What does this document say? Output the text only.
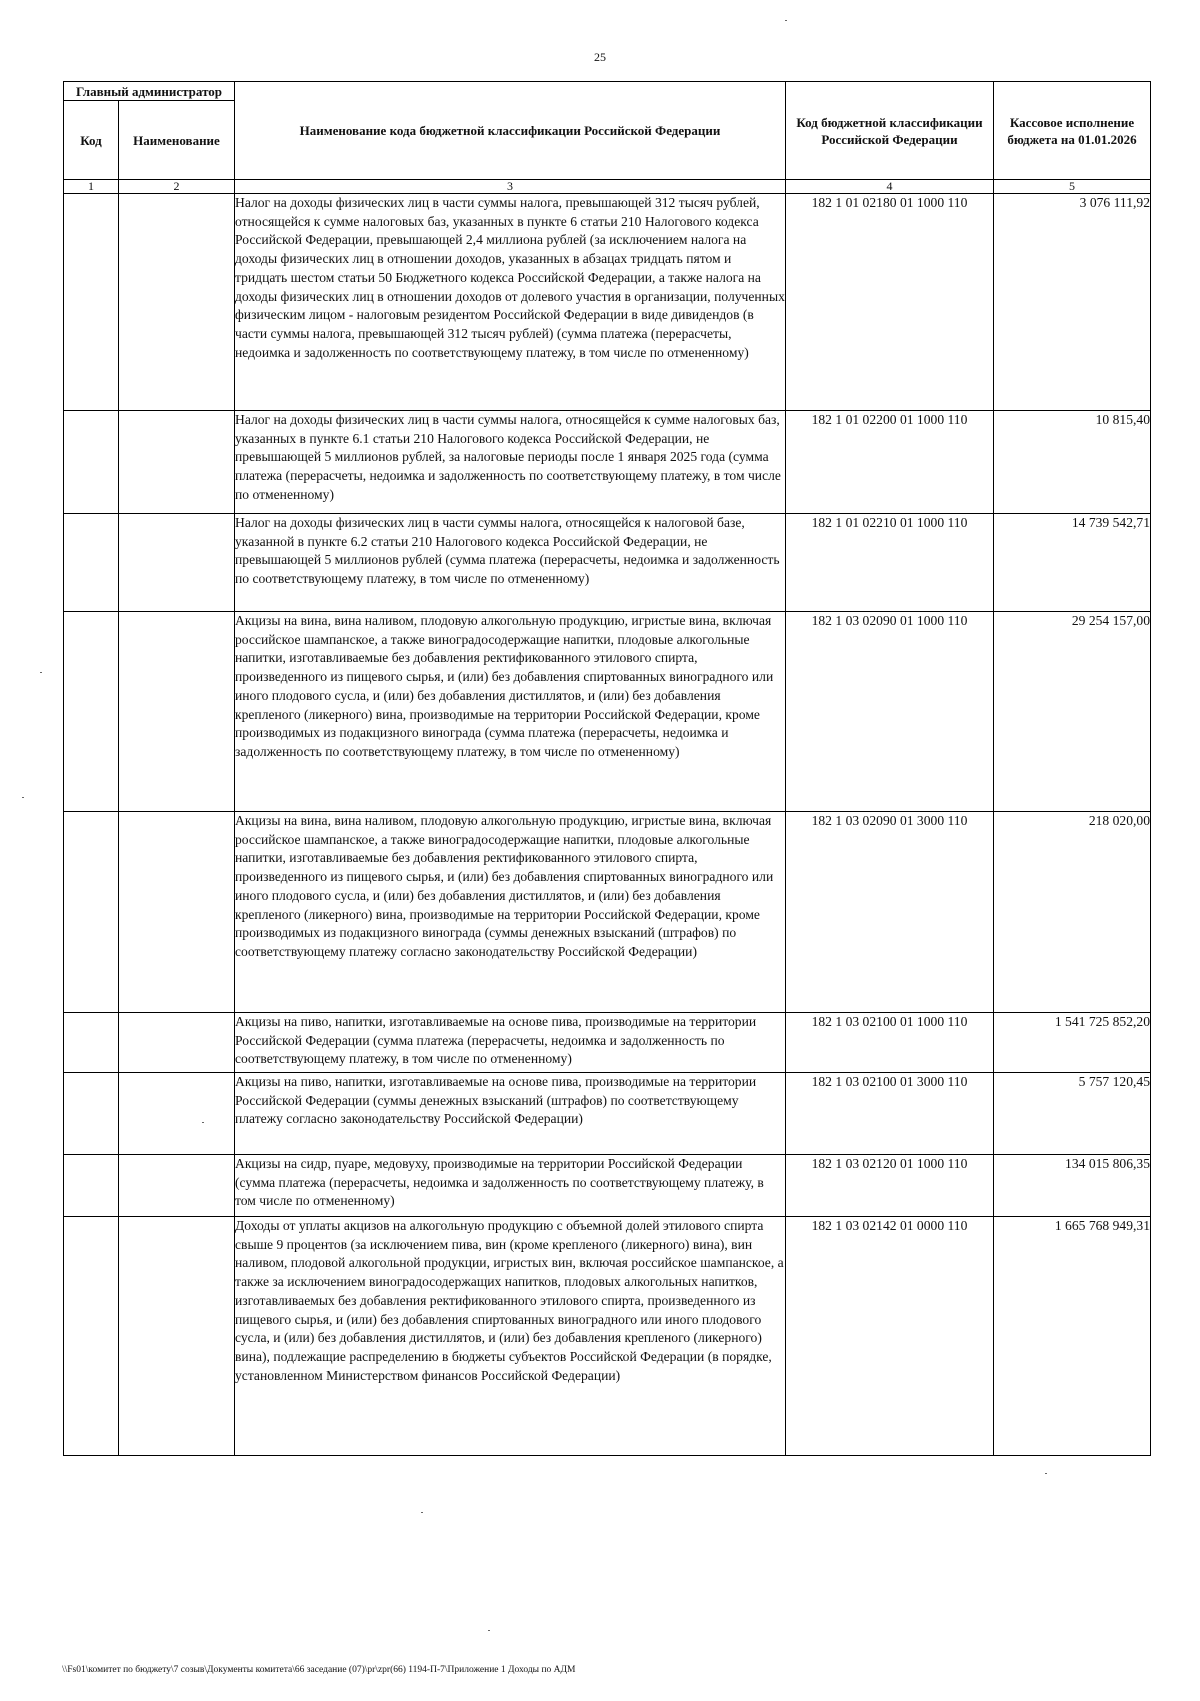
25
Главный администратор		Наименование кода бюджетной классификации Российской Федерации	Код бюджетной классификации Российской Федерации	Кассовое исполнение бюджета на 01.01.2026
Код	Наименование			
1	2	3	4	5
		Налог на доходы физических лиц в части суммы налога, превышающей 312 тысяч рублей, относящейся к сумме налоговых баз, указанных в пункте 6 статьи 210 Налогового кодекса Российской Федерации, превышающей 2,4 миллиона рублей (за исключением налога на доходы физических лиц в отношении доходов, указанных в абзацах тридцать пятом и тридцать шестом статьи 50 Бюджетного кодекса Российской Федерации, а также налога на доходы физических лиц в отношении доходов от долевого участия в организации, полученных физическим лицом - налоговым резидентом Российской Федерации в виде дивидендов (в части суммы налога, превышающей 312 тысяч рублей) (сумма платежа (перерасчеты, недоимка и задолженность по соответствующему платежу, в том числе по отмененному)	182 1 01 02180 01 1000 110	3 076 111,92
		Налог на доходы физических лиц в части суммы налога, относящейся к сумме налоговых баз, указанных в пункте 6.1 статьи 210 Налогового кодекса Российской Федерации, не превышающей 5 миллионов рублей, за налоговые периоды после 1 января 2025 года (сумма платежа (перерасчеты, недоимка и задолженность по соответствующему платежу, в том числе по отмененному)	182 1 01 02200 01 1000 110	10 815,40
		Налог на доходы физических лиц в части суммы налога, относящейся к налоговой базе, указанной в пункте 6.2 статьи 210 Налогового кодекса Российской Федерации, не превышающей 5 миллионов рублей (сумма платежа (перерасчеты, недоимка и задолженность по соответствующему платежу, в том числе по отмененному)	182 1 01 02210 01 1000 110	14 739 542,71
		Акцизы на вина, вина наливом, плодовую алкогольную продукцию, игристые вина, включая российское шампанское, а также виноградосодержащие напитки, плодовые алкогольные напитки, изготавливаемые без добавления ректификованного этилового спирта, произведенного из пищевого сырья, и (или) без добавления спиртованных виноградного или иного плодового сусла, и (или) без добавления дистиллятов, и (или) без добавления крепленого (ликерного) вина, производимые на территории Российской Федерации, кроме производимых из подакцизного винограда (сумма платежа (перерасчеты, недоимка и задолженность по соответствующему платежу, в том числе по отмененному)	182 1 03 02090 01 1000 110	29 254 157,00
		Акцизы на вина, вина наливом, плодовую алкогольную продукцию, игристые вина, включая российское шампанское, а также виноградосодержащие напитки, плодовые алкогольные напитки, изготавливаемые без добавления ректификованного этилового спирта, произведенного из пищевого сырья, и (или) без добавления спиртованных виноградного или иного плодового сусла, и (или) без добавления дистиллятов, и (или) без добавления крепленого (ликерного) вина, производимые на территории Российской Федерации, кроме производимых из подакцизного винограда (суммы денежных взысканий (штрафов) по соответствующему платежу согласно законодательству Российской Федерации)	182 1 03 02090 01 3000 110	218 020,00
		Акцизы на пиво, напитки, изготавливаемые на основе пива, производимые на территории Российской Федерации (сумма платежа (перерасчеты, недоимка и задолженность по соответствующему платежу, в том числе по отмененному)	182 1 03 02100 01 1000 110	1 541 725 852,20
		Акцизы на пиво, напитки, изготавливаемые на основе пива, производимые на территории Российской Федерации (суммы денежных взысканий (штрафов) по соответствующему платежу согласно законодательству Российской Федерации)	182 1 03 02100 01 3000 110	5 757 120,45
		Акцизы на сидр, пуаре, медовуху, производимые на территории Российской Федерации (сумма платежа (перерасчеты, недоимка и задолженность по соответствующему платежу, в том числе по отмененному)	182 1 03 02120 01 1000 110	134 015 806,35
		Доходы от уплаты акцизов на алкогольную продукцию с объемной долей этилового спирта свыше 9 процентов (за исключением пива, вин (кроме крепленого (ликерного) вина), вин наливом, плодовой алкогольной продукции, игристых вин, включая российское шампанское, а также за исключением виноградосодержащих напитков, плодовых алкогольных напитков, изготавливаемых без добавления ректификованного этилового спирта, произведенного из пищевого сырья, и (или) без добавления спиртованных виноградного или иного плодового сусла, и (или) без добавления дистиллятов, и (или) без добавления крепленого (ликерного) вина), подлежащие распределению в бюджеты субъектов Российской Федерации (в порядке, установленном Министерством финансов Российской Федерации)	182 1 03 02142 01 0000 110	1 665 768 949,31
\\Fs01\комитет по бюджету\7 созыв\Документы комитета\66 заседание (07)\pr\zpr(66) 1194-П-7\Приложение 1 Доходы по АДМ
